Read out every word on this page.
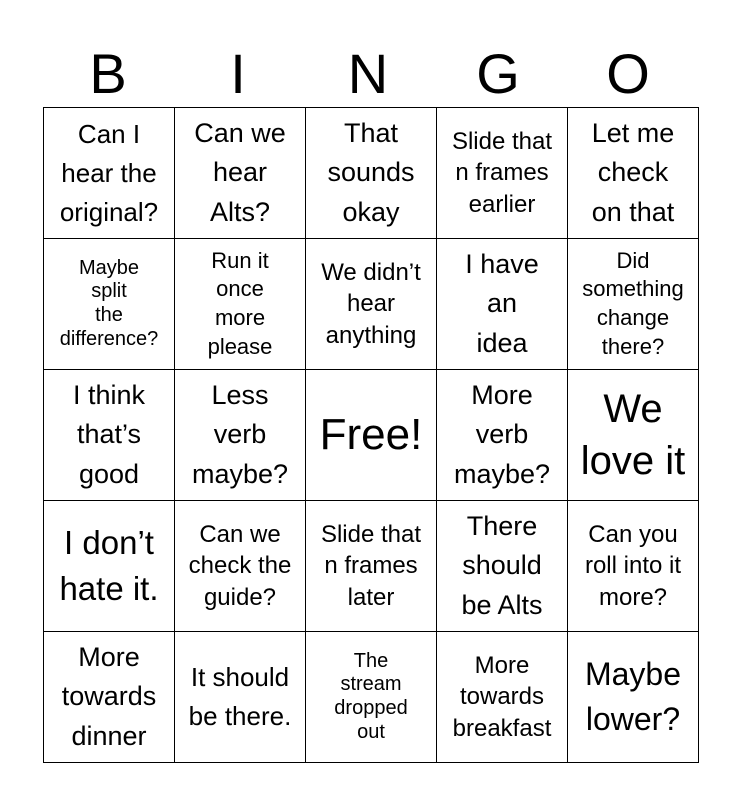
B	I	N	G	O
Can I
hear the
original?	Can we
hear
Alts?	That
sounds
okay	Slide that
n frames
earlier	Let me
check
on that

Maybe
split
the
difference?	Run it
once
more
please	We didn’t
hear
anything	I have
an
idea	Did
something
change
there?

I think
that’s
good	Less
verb
maybe?	Free!	More
verb
maybe?	We
love it

I don’t
hate it.	Can we
check the
guide?	Slide that
n frames
later	There
should
be Alts	Can you
roll into it
more?

More
towards
dinner	It should
be there.	The
stream
dropped
out	More
towards
breakfast	Maybe
lower?
